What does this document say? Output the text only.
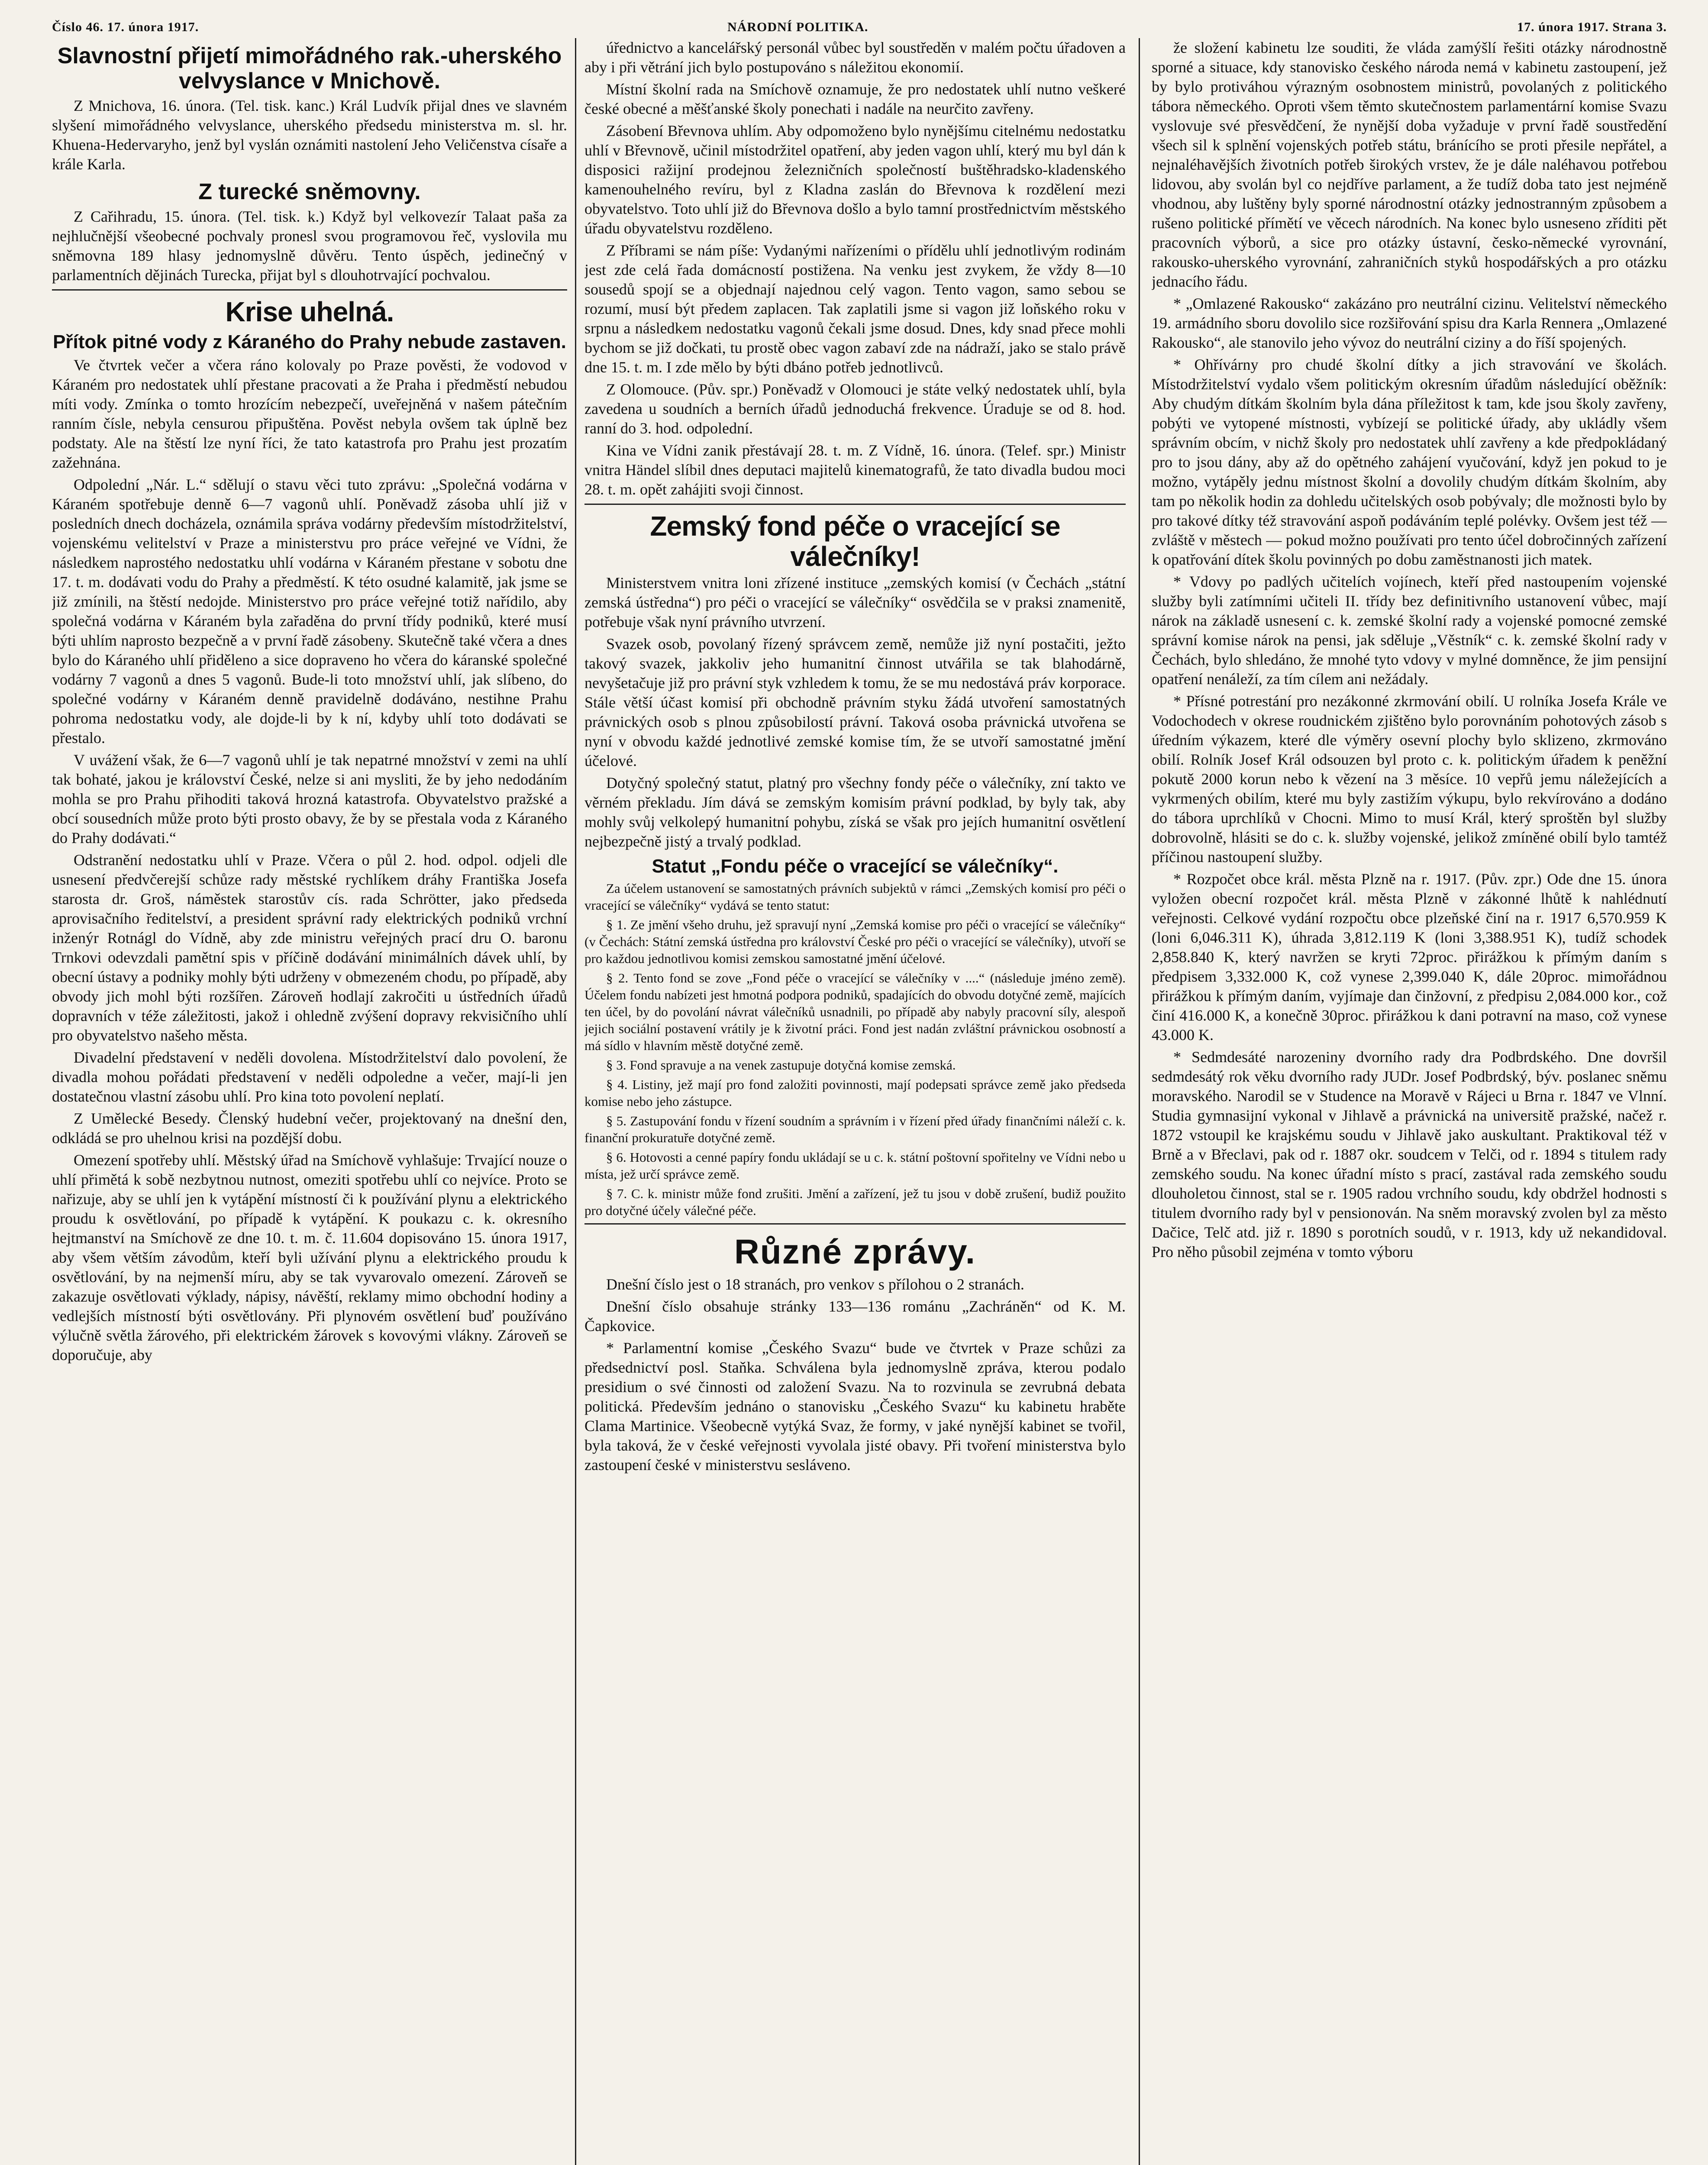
Číslo 46. 17. února 1917.	NÁRODNÍ POLITIKA.	17. února 1917. Strana 3.
Slavnostní přijetí mimořádného rak.-uherského velvyslance v Mnichově.

Z Mnichova, 16. února. (Tel. tisk. kanc.) Král Ludvík přijal dnes ve slavném slyšení mimořádného velvyslance, uherského předsedu ministerstva m. sl. hr. Khuena-Hedervaryho, jenž byl vyslán oznámiti nastolení Jeho Veličenstva císaře a krále Karla.

Z turecké sněmovny.

Z Cařihradu, 15. února. (Tel. tisk. k.) Když byl velkovezír Talaat paša za nejhlučnější všeobecné pochvaly pronesl svou programovou řeč, vyslovila mu sněmovna 189 hlasy jednomyslně důvěru. Tento úspěch, jedinečný v parlamentních dějinách Turecka, přijat byl s dlouhotrvající pochvalou.

Krise uhelná.
Přítok pitné vody z Káraného do Prahy nebude zastaven.

Ve čtvrtek večer a včera ráno kolovaly po Praze pověsti, že vodovod v Káraném pro nedostatek uhlí přestane pracovati a že Praha i předměstí nebudou míti vody. Zmínka o tomto hrozícím nebezpečí, uveřejněná v našem pátečním ranním čísle, nebyla censurou připuštěna. Pověst nebyla ovšem tak úplně bez podstaty. Ale na štěstí lze nyní říci, že tato katastrofa pro Prahu jest prozatím zažehnána.

Odpolední „Nár. L.“ sdělují o stavu věci tuto zprávu: „Společná vodárna v Káraném spotřebuje denně 6—7 vagonů uhlí. Poněvadž zásoba uhlí již v posledních dnech docházela, oznámila správa vodárny především místodržitelství, vojenskému velitelství v Praze a ministerstvu pro práce veřejné ve Vídni, že následkem naprostého nedostatku uhlí vodárna v Káraném přestane v sobotu dne 17. t. m. dodávati vodu do Prahy a předměstí. K této osudné kalamitě, jak jsme se již zmínili, na štěstí nedojde. Ministerstvo pro práce veřejné totiž nařídilo, aby společná vodárna v Káraném byla zařaděna do první třídy podniků, které musí býti uhlím naprosto bezpečně a v první řadě zásobeny. Skutečně také včera a dnes bylo do Káraného uhlí přiděleno a sice dopraveno ho včera do káranské společné vodárny 7 vagonů a dnes 5 vagonů. Bude-li toto množství uhlí, jak slíbeno, do společné vodárny v Káraném denně pravidelně dodáváno, nestihne Prahu pohroma nedostatku vody, ale dojde-li by k ní, kdyby uhlí toto dodávati se přestalo.

V uvážení však, že 6—7 vagonů uhlí je tak nepatrné množství v zemi na uhlí tak bohaté, jakou je království České, nelze si ani mysliti, že by jeho nedodáním mohla se pro Prahu přihoditi taková hrozná katastrofa. Obyvatelstvo pražské a obcí sousedních může proto býti prosto obavy, že by se přestala voda z Káraného do Prahy dodávati.“

Odstranění nedostatku uhlí v Praze. Včera o půl 2. hod. odpol. odjeli dle usnesení předvčerejší schůze rady městské rychlíkem dráhy Františka Josefa starosta dr. Groš, náměstek starostův cís. rada Schrötter, jako předseda aprovisačního ředitelství, a president správní rady elektrických podniků vrchní inženýr Rotnágl do Vídně, aby zde ministru veřejných prací dru O. baronu Trnkovi odevzdali pamětní spis v příčině dodávání minimálních dávek uhlí, by obecní ústavy a podniky mohly býti udrženy v obmezeném chodu, po případě, aby obvody jich mohl býti rozšířen. Zároveň hodlají zakročiti u ústředních úřadů dopravních v téže záležitosti, jakož i ohledně zvýšení dopravy rekvisičního uhlí pro obyvatelstvo našeho města.

Divadelní představení v neděli dovolena. Místodržitelství dalo povolení, že divadla mohou pořádati představení v neděli odpoledne a večer, mají-li jen dostatečnou vlastní zásobu uhlí. Pro kina toto povolení neplatí.

Z Umělecké Besedy. Členský hudební večer, projektovaný na dnešní den, odkládá se pro uhelnou krisi na pozdější dobu.

Omezení spotřeby uhlí. Městský úřad na Smíchově vyhlašuje: Trvající nouze o uhlí přimětá k sobě nezbytnou nutnost, omeziti spotřebu uhlí co nejvíce. Proto se nařizuje, aby se uhlí jen k vytápění místností či k používání plynu a elektrického proudu k osvětlování, po případě k vytápění. K poukazu c. k. okresního hejtmanství na Smíchově ze dne 10. t. m. č. 11.604 dopisováno 15. února 1917, aby všem větším závodům, kteří byli užívání plynu a elektrického proudu k osvětlování, by na nejmenší míru, aby se tak vyvarovalo omezení. Zároveň se zakazuje osvětlovati výklady, nápisy, návěští, reklamy mimo obchodní hodiny a vedlejších místností býti osvětlovány. Při plynovém osvětlení buď používáno výlučně světla žárového, při elektrickém žárovek s kovovými vlákny. Zároveň se doporučuje, aby

úřednictvo a kancelářský personál vůbec byl soustředěn v malém počtu úřadoven a aby i při větrání jich bylo postupováno s náležitou ekonomií.

Místní školní rada na Smíchově oznamuje, že pro nedostatek uhlí nutno veškeré české obecné a měšťanské školy ponechati i nadále na neurčito zavřeny.

Zásobení Břevnova uhlím. Aby odpomoženo bylo nynějšímu citelnému nedostatku uhlí v Břevnově, učinil místodržitel opatření, aby jeden vagon uhlí, který mu byl dán k disposici ražijní prodejnou železničních společností buštěhradsko-kladenského kamenouhelného revíru, byl z Kladna zaslán do Břevnova k rozdělení mezi obyvatelstvo. Toto uhlí již do Břevnova došlo a bylo tamní prostřednictvím městského úřadu obyvatelstvu rozděleno.

Z Příbrami se nám píše: Vydanými nařízeními o přídělu uhlí jednotlivým rodinám jest zde celá řada domácností postižena. Na venku jest zvykem, že vždy 8—10 sousedů spojí se a objednají najednou celý vagon. Tento vagon, samo sebou se rozumí, musí být předem zaplacen. Tak zaplatili jsme si vagon již loňského roku v srpnu a následkem nedostatku vagonů čekali jsme dosud. Dnes, kdy snad přece mohli bychom se již dočkati, tu prostě obec vagon zabaví zde na nádraží, jako se stalo právě dne 15. t. m. I zde mělo by býti dbáno potřeb jednotlivců.

Z Olomouce. (Pův. spr.) Poněvadž v Olomouci je státe velký nedostatek uhlí, byla zavedena u soudních a berních úřadů jednoduchá frekvence. Úraduje se od 8. hod. ranní do 3. hod. odpolední.

Kina ve Vídni zanik přestávají 28. t. m. Z Vídně, 16. února. (Telef. spr.) Ministr vnitra Händel slíbil dnes deputaci majitelů kinematografů, že tato divadla budou moci 28. t. m. opět zahájiti svoji činnost.

Zemský fond péče o vracející se válečníky!

Ministerstvem vnitra loni zřízené instituce „zemských komisí (v Čechách „státní zemská ústředna“) pro péči o vracející se válečníky“ osvědčila se v praksi znamenitě, potřebuje však nyní právního utvrzení.

Svazek osob, povolaný řízený správcem země, nemůže již nyní postačiti, ježto takový svazek, jakkoliv jeho humanitní činnost utvářila se tak blahodárně, nevyšetačuje již pro právní styk vzhledem k tomu, že se mu nedostává práv korporace. Stále větší účast komisí při obchodně právním styku žádá utvoření samostatných právnických osob s plnou způsobilostí právní. Taková osoba právnická utvořena se nyní v obvodu každé jednotlivé zemské komise tím, že se utvoří samostatné jmění účelové.

Dotyčný společný statut, platný pro všechny fondy péče o válečníky, zní takto ve věrném překladu. Jím dává se zemským komisím právní podklad, by byly tak, aby mohly svůj velkolepý humanitní pohybu, získá se však pro jejích humanitní osvětlení nejbezpečně jistý a trvalý podklad.

Statut „Fondu péče o vracející se válečníky“.

Za účelem ustanovení se samostatných právních subjektů v rámci „Zemských komisí pro péči o vracející se válečníky“ vydává se tento statut:

§ 1. Ze jmění všeho druhu, jež spravují nyní „Zemská komise pro péči o vracející se válečníky“ (v Čechách: Státní zemská ústředna pro království České pro péči o vracející se válečníky), utvoří se pro každou jednotlivou komisi zemskou samostatné jmění účelové.

§ 2. Tento fond se zove „Fond péče o vracející se válečníky v ....“ (následuje jméno země). Účelem fondu nabízeti jest hmotná podpora podniků, spadajících do obvodu dotyčné země, majících ten účel, by do povolání návrat válečníků usnadnili, po případě aby nabyly pracovní síly, alespoň jejich sociální postavení vrátily je k životní práci. Fond jest nadán zvláštní právnickou osobností a má sídlo v hlavním městě dotyčné země.

§ 3. Fond spravuje a na venek zastupuje dotyčná komise zemská.

§ 4. Listiny, jež mají pro fond založiti povinnosti, mají podepsati správce země jako předseda komise nebo jeho zástupce.

§ 5. Zastupování fondu v řízení soudním a správním i v řízení před úřady finančními náleží c. k. finanční prokuratuře dotyčné země.

§ 6. Hotovosti a cenné papíry fondu ukládají se u c. k. státní poštovní spořitelny ve Vídni nebo u místa, jež určí správce země.

§ 7. C. k. ministr může fond zrušiti. Jmění a zařízení, jež tu jsou v době zrušení, budiž použito pro dotyčné účely válečné péče.

Různé zprávy.

Dnešní číslo jest o 18 stranách, pro venkov s přílohou o 2 stranách.

Dnešní číslo obsahuje stránky 133—136 románu „Zachráněn“ od K. M. Čapkovice.

* Parlamentní komise „Českého Svazu“ bude ve čtvrtek v Praze schůzi za předsednictví posl. Staňka. Schválena byla jednomyslně zpráva, kterou podalo presidium o své činnosti od založení Svazu. Na to rozvinula se zevrubná debata politická. Především jednáno o stanovisku „Českého Svazu“ ku kabinetu hraběte Clama Martinice. Všeobecně vytýká Svaz, že formy, v jaké nynější kabinet se tvořil, byla taková, že v české veřejnosti vyvolala jisté obavy. Při tvoření ministerstva bylo zastoupení české v ministerstvu sesláveno.

že složení kabinetu lze souditi, že vláda zamýšlí řešiti otázky národnostně sporné a situace, kdy stanovisko českého národa nemá v kabinetu zastoupení, jež by bylo protiváhou výrazným osobnostem ministrů, povolaných z politického tábora německého. Oproti všem těmto skutečnostem parlamentární komise Svazu vyslovuje své přesvědčení, že nynější doba vyžaduje v první řadě soustředění všech sil k splnění vojenských potřeb státu, bránícího se proti přesile nepřátel, a nejnaléhavějších životních potřeb širokých vrstev, že je dále naléhavou potřebou lidovou, aby svolán byl co nejdříve parlament, a že tudíž doba tato jest nejméně vhodnou, aby luštěny byly sporné národnostní otázky jednostranným způsobem a rušeno politické přímětí ve věcech národních. Na konec bylo usneseno zříditi pět pracovních výborů, a sice pro otázky ústavní, česko-německé vyrovnání, rakousko-uherského vyrovnání, zahraničních styků hospodářských a pro otázku jednacího řádu.

* „Omlazené Rakousko“ zakázáno pro neutrální cizinu. Velitelství německého 19. armádního sboru dovolilo sice rozšiřování spisu dra Karla Rennera „Omlazené Rakousko“, ale stanovilo jeho vývoz do neutrální ciziny a do říší spojených.

* Ohřívárny pro chudé školní dítky a jich stravování ve školách. Místodržitelství vydalo všem politickým okresním úřadům následující oběžník: Aby chudým dítkám školním byla dána příležitost k tam, kde jsou školy zavřeny, pobýti ve vytopené místnosti, vybízejí se politické úřady, aby ukládly všem správním obcím, v nichž školy pro nedostatek uhlí zavřeny a kde předpokládaný pro to jsou dány, aby až do opětného zahájení vyučování, když jen pokud to je možno, vytápěly jednu místnost školní a dovolily chudým dítkám školním, aby tam po několik hodin za dohledu učitelských osob pobývaly; dle možnosti bylo by pro takové dítky též stravování aspoň podáváním teplé polévky. Ovšem jest též — zvláště v městech — pokud možno používati pro tento účel dobročinných zařízení k opatřování dítek školu povinných po dobu zaměstnanosti jich matek.

* Vdovy po padlých učitelích vojínech, kteří před nastoupením vojenské služby byli zatímními učiteli II. třídy bez definitivního ustanovení vůbec, mají nárok na základě usnesení c. k. zemské školní rady a vojenské pomocné zemské správní komise nárok na pensi, jak sděluje „Věstník“ c. k. zemské školní rady v Čechách, bylo shledáno, že mnohé tyto vdovy v mylné domněnce, že jim pensijní opatření nenáleží, za tím cílem ani nežádaly.

* Přísné potrestání pro nezákonné zkrmování obilí. U rolníka Josefa Krále ve Vodochodech v okrese roudnickém zjištěno bylo porovnáním pohotových zásob s úředním výkazem, které dle výměry osevní plochy bylo sklizeno, zkrmováno obilí. Rolník Josef Král odsouzen byl proto c. k. politickým úřadem k peněžní pokutě 2000 korun nebo k vězení na 3 měsíce. 10 vepřů jemu náležejících a vykrmených obilím, které mu byly zastižím výkupu, bylo rekvírováno a dodáno do tábora uprchlíků v Chocni. Mimo to musí Král, který sproštěn byl služby dobrovolně, hlásiti se do c. k. služby vojenské, jelikož zmíněné obilí bylo tamtéž příčinou nastoupení služby.

* Rozpočet obce král. města Plzně na r. 1917. (Pův. zpr.) Ode dne 15. února vyložen obecní rozpočet král. města Plzně v zákonné lhůtě k nahlédnutí veřejnosti. Celkové vydání rozpočtu obce plzeňské činí na r. 1917 6,570.959 K (loni 6,046.311 K), úhrada 3,812.119 K (loni 3,388.951 K), tudíž schodek 2,858.840 K, který navržen se kryti 72proc. přirážkou k přímým daním s předpisem 3,332.000 K, což vynese 2,399.040 K, dále 20proc. mimořádnou přirážkou k přímým daním, vyjímaje dan činžovní, z předpisu 2,084.000 kor., což činí 416.000 K, a konečně 30proc. přirážkou k dani potravní na maso, což vynese 43.000 K.

* Sedmdesáté narozeniny dvorního rady dra Podbrdského. Dne dovršil sedmdesátý rok věku dvorního rady JUDr. Josef Podbrdský, býv. poslanec sněmu moravského. Narodil se v Studence na Moravě v Rájeci u Brna r. 1847 ve Vlnní. Studia gymnasijní vykonal v Jihlavě a právnická na universitě pražské, načež r. 1872 vstoupil ke krajskému soudu v Jihlavě jako auskultant. Praktikoval též v Brně a v Břeclavi, pak od r. 1887 okr. soudcem v Telči, od r. 1894 s titulem rady zemského soudu. Na konec úřadní místo s prací, zastával rada zemského soudu dlouholetou činnost, stal se r. 1905 radou vrchního soudu, kdy obdržel hodnosti s titulem dvorního rady byl v pensionován. Na sněm moravský zvolen byl za město Dačice, Telč atd. již r. 1890 s porotních soudů, v r. 1913, kdy už nekandidoval. Pro něho působil zejména v tomto výboru
